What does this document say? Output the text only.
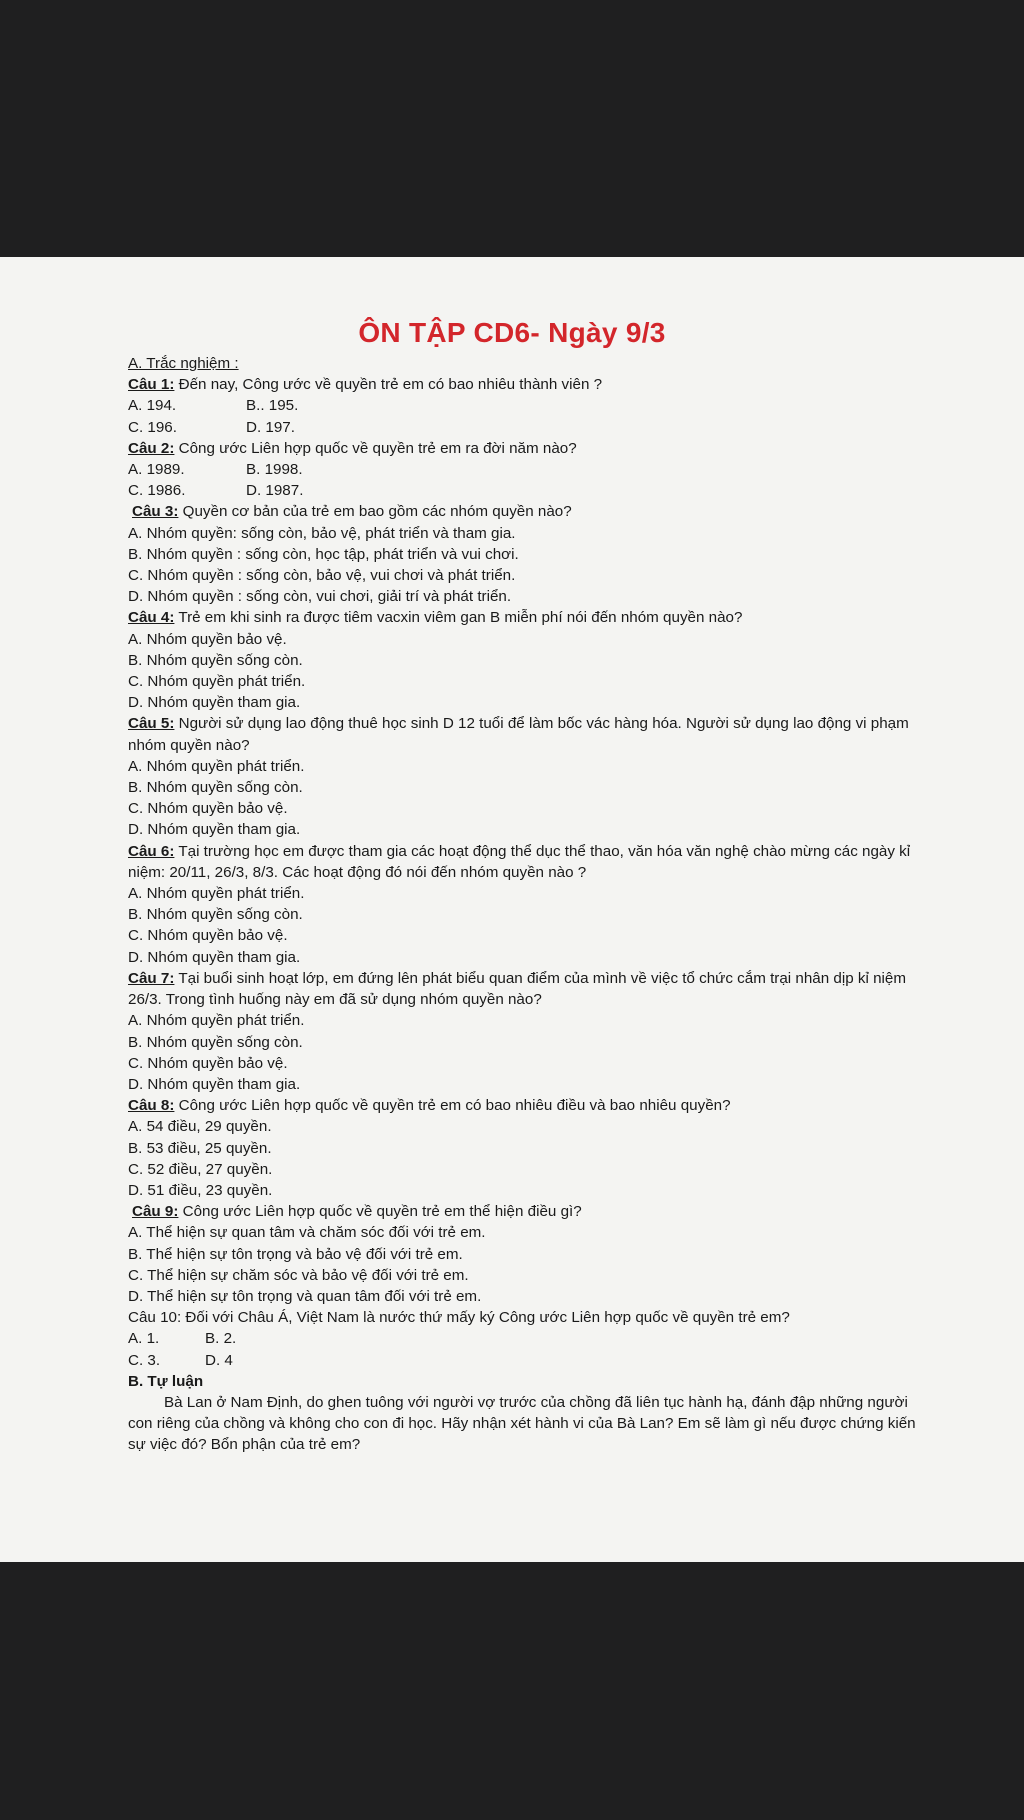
ÔN TẬP CD6- Ngày 9/3
A. Trắc nghiệm :
Câu 1: Đến nay, Công ước về quyền trẻ em có bao nhiêu thành viên ?
A. 194.	B.. 195.
C. 196.	D. 197.
Câu 2: Công ước Liên hợp quốc về quyền trẻ em ra đời năm nào?
A. 1989.	B. 1998.
C. 1986.	D. 1987.
Câu 3: Quyền cơ bản của trẻ em bao gồm các nhóm quyền nào?
A. Nhóm quyền: sống còn, bảo vệ, phát triển và tham gia.
B. Nhóm quyền : sống còn, học tập, phát triển và vui chơi.
C. Nhóm quyền : sống còn, bảo vệ, vui chơi và phát triển.
D. Nhóm quyền : sống còn, vui chơi, giải trí và phát triển.
Câu 4: Trẻ em khi sinh ra được tiêm vacxin viêm gan B miễn phí nói đến nhóm quyền nào?
A. Nhóm quyền bảo vệ.
B. Nhóm quyền sống còn.
C. Nhóm quyền phát triển.
D. Nhóm quyền tham gia.
Câu 5: Người sử dụng lao động thuê học sinh D 12 tuổi để làm bốc vác hàng hóa. Người sử dụng lao động vi phạm nhóm quyền nào?
A. Nhóm quyền phát triển.
B. Nhóm quyền sống còn.
C. Nhóm quyền bảo vệ.
D. Nhóm quyền tham gia.
Câu 6: Tại trường học em được tham gia các hoạt động thể dục thể thao, văn hóa văn nghệ chào mừng các ngày kỉ niệm: 20/11, 26/3, 8/3. Các hoạt động đó nói đến nhóm quyền nào ?
A. Nhóm quyền phát triển.
B. Nhóm quyền sống còn.
C. Nhóm quyền bảo vệ.
D. Nhóm quyền tham gia.
Câu 7: Tại buổi sinh hoạt lớp, em đứng lên phát biểu quan điểm của mình về việc tổ chức cắm trại nhân dịp kỉ niệm 26/3. Trong tình huống này em đã sử dụng nhóm quyền nào?
A. Nhóm quyền phát triển.
B. Nhóm quyền sống còn.
C. Nhóm quyền bảo vệ.
D. Nhóm quyền tham gia.
Câu 8: Công ước Liên hợp quốc về quyền trẻ em có bao nhiêu điều và bao nhiêu quyền?
A. 54 điều, 29 quyền.
B. 53 điều, 25 quyền.
C. 52 điều, 27 quyền.
D. 51 điều, 23 quyền.
Câu 9: Công ước Liên hợp quốc về quyền trẻ em thể hiện điều gì?
A. Thể hiện sự quan tâm và chăm sóc đối với trẻ em.
B. Thể hiện sự tôn trọng và bảo vệ đối với trẻ em.
C. Thể hiện sự chăm sóc và bảo vệ đối với trẻ em.
D. Thể hiện sự tôn trọng và quan tâm đối với trẻ em.
Câu 10: Đối với Châu Á, Việt Nam là nước thứ mấy ký Công ước Liên hợp quốc về quyền trẻ em?
A. 1.	B. 2.
C. 3.	D. 4
B. Tự luận
Bà Lan ở Nam Định, do ghen tuông với người vợ trước của chồng đã liên tục hành hạ, đánh đập những người con riêng của chồng và không cho con đi học. Hãy nhận xét hành vi của Bà Lan? Em sẽ làm gì nếu được chứng kiến sự việc đó? Bổn phận của trẻ em?
